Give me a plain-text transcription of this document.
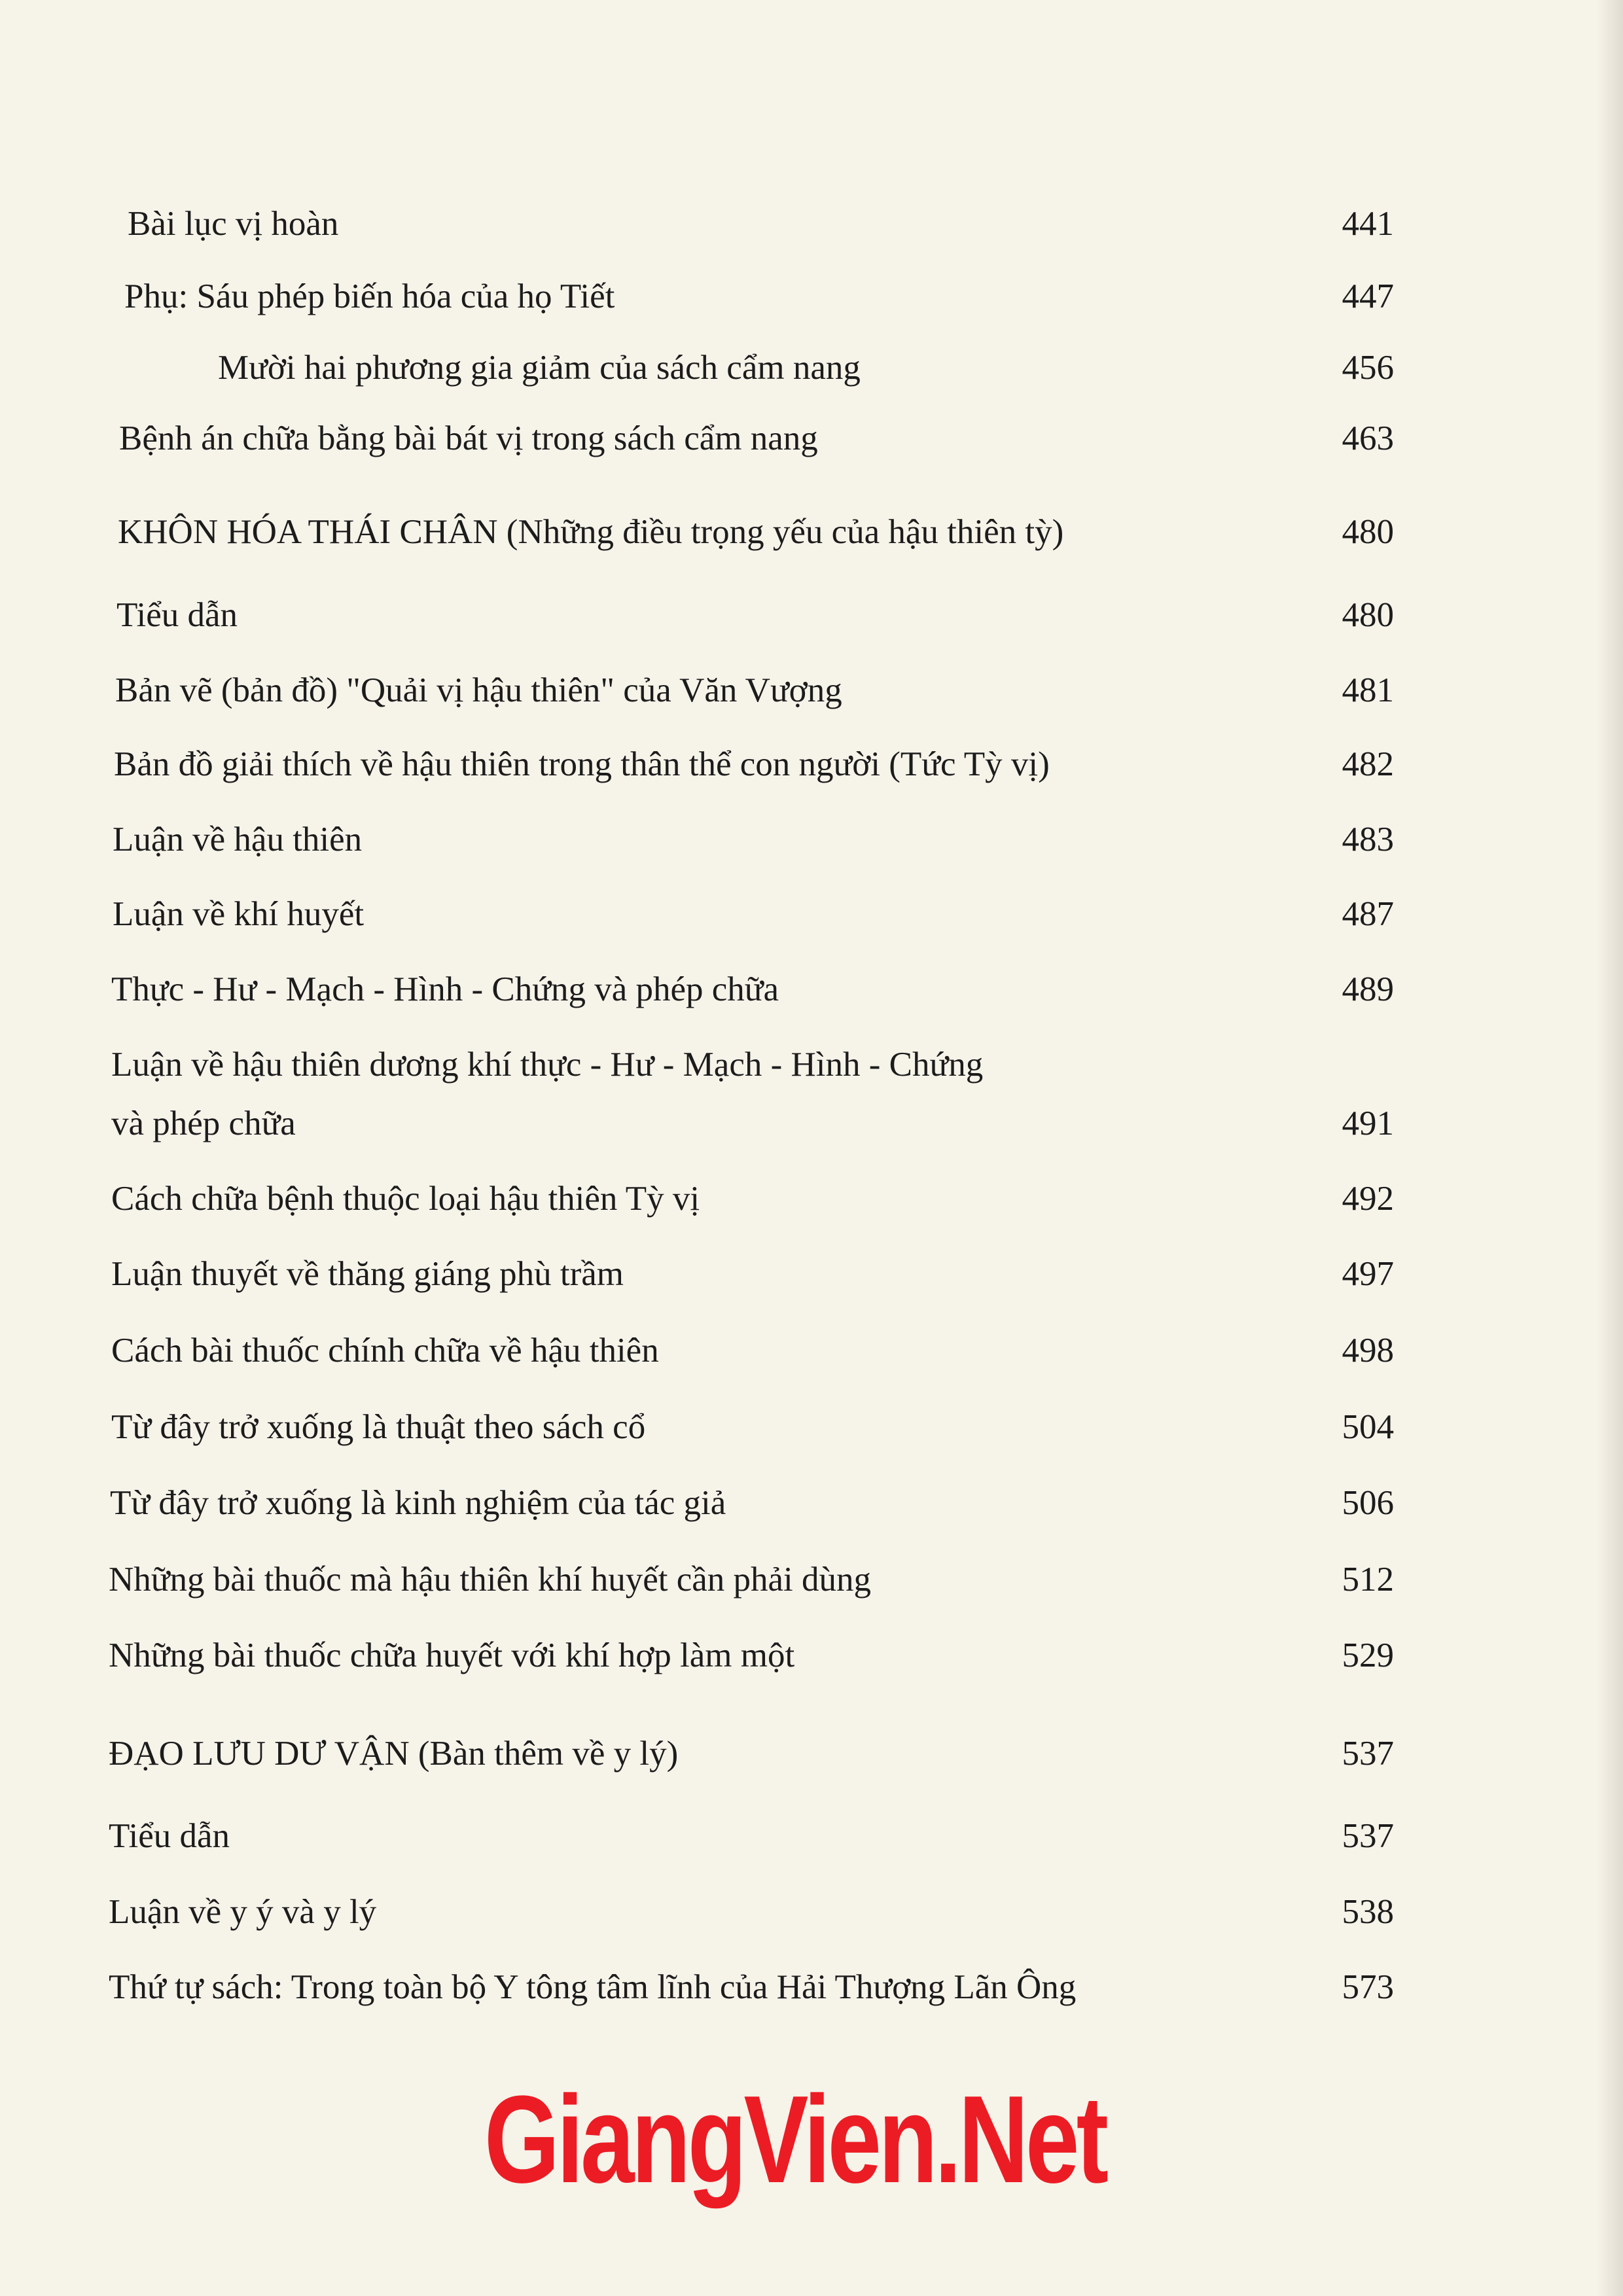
Bài lục vị hoàn	441
Phụ: Sáu phép biến hóa của họ Tiết	447
Mười hai phương gia giảm của sách cẩm nang	456
Bệnh án chữa bằng bài bát vị trong sách cẩm nang	463
KHÔN HÓA THÁI CHÂN (Những điều trọng yếu của hậu thiên tỳ)	480
Tiểu dẫn	480
Bản vẽ (bản đồ) "Quải vị hậu thiên" của Văn Vượng	481
Bản đồ giải thích về hậu thiên trong thân thể con người (Tức Tỳ vị)	482
Luận về hậu thiên	483
Luận về khí huyết	487
Thực - Hư - Mạch - Hình - Chứng và phép chữa	489
Luận về hậu thiên dương khí thực - Hư - Mạch - Hình - Chứng
và phép chữa	491
Cách chữa bệnh thuộc loại hậu thiên Tỳ vị	492
Luận thuyết về thăng giáng phù trầm	497
Cách bài thuốc chính chữa về hậu thiên	498
Từ đây trở xuống là thuật theo sách cổ	504
Từ đây trở xuống là kinh nghiệm của tác giả	506
Những bài thuốc mà hậu thiên khí huyết cần phải dùng	512
Những bài thuốc chữa huyết với khí hợp làm một	529
ĐẠO LƯU DƯ VẬN (Bàn thêm về y lý)	537
Tiểu dẫn	537
Luận về y ý và y lý	538
Thứ tự sách: Trong toàn bộ Y tông tâm lĩnh của Hải Thượng Lãn Ông	573
GiangVien.Net
